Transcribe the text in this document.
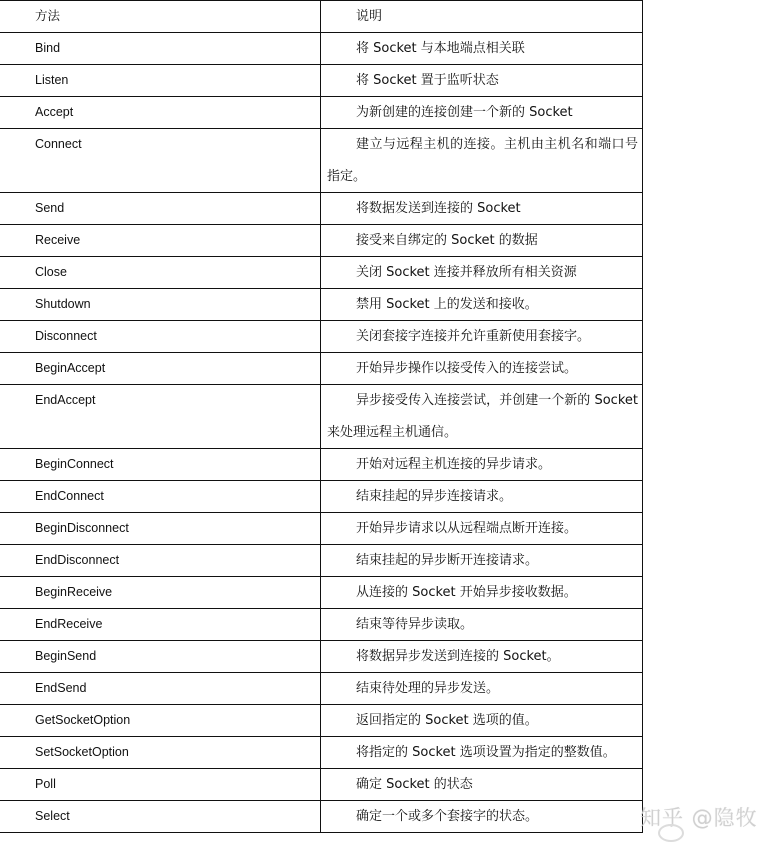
方法	说明
Bind	将 Socket 与本地端点相关联
Listen	将 Socket 置于监听状态
Accept	为新创建的连接创建一个新的 Socket
Connect	建立与远程主机的连接。主机由主机名和端口号指定。
Send	将数据发送到连接的 Socket
Receive	接受来自绑定的 Socket 的数据
Close	关闭 Socket 连接并释放所有相关资源
Shutdown	禁用 Socket 上的发送和接收。
Disconnect	关闭套接字连接并允许重新使用套接字。
BeginAccept	开始异步操作以接受传入的连接尝试。
EndAccept	异步接受传入连接尝试，并创建一个新的 Socket 来处理远程主机通信。
BeginConnect	开始对远程主机连接的异步请求。
EndConnect	结束挂起的异步连接请求。
BeginDisconnect	开始异步请求以从远程端点断开连接。
EndDisconnect	结束挂起的异步断开连接请求。
BeginReceive	从连接的 Socket 开始异步接收数据。
EndReceive	结束等待异步读取。
BeginSend	将数据异步发送到连接的 Socket。
EndSend	结束待处理的异步发送。
GetSocketOption	返回指定的 Socket 选项的值。
SetSocketOption	将指定的 Socket 选项设置为指定的整数值。
Poll	确定 Socket 的状态
Select	确定一个或多个套接字的状态。	知乎 @隐牧
